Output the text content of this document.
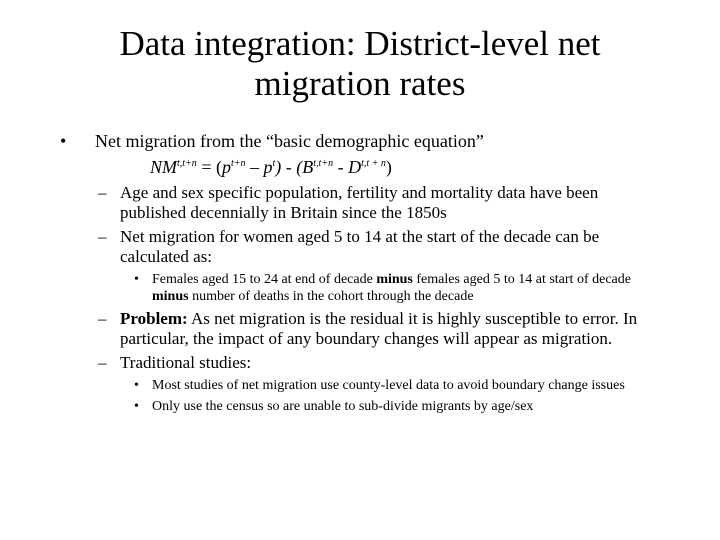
Data integration: District-level net migration rates
• Net migration from the “basic demographic equation”
$NM^{t,t+n} = (p^{t+n} - p^t) - (B^{t,t+n} - D^{t,t + n})$
– Age and sex specific population, fertility and mortality data have been published decennially in Britain since the 1850s
– Net migration for women aged 5 to 14 at the start of the decade can be calculated as:
• Females aged 15 to 24 at end of decade minus females aged 5 to 14 at start of decade minus number of deaths in the cohort through the decade
– Problem: As net migration is the residual it is highly susceptible to error. In particular, the impact of any boundary changes will appear as migration.
– Traditional studies:
• Most studies of net migration use county-level data to avoid boundary change issues
• Only use the census so are unable to sub-divide migrants by age/sex
